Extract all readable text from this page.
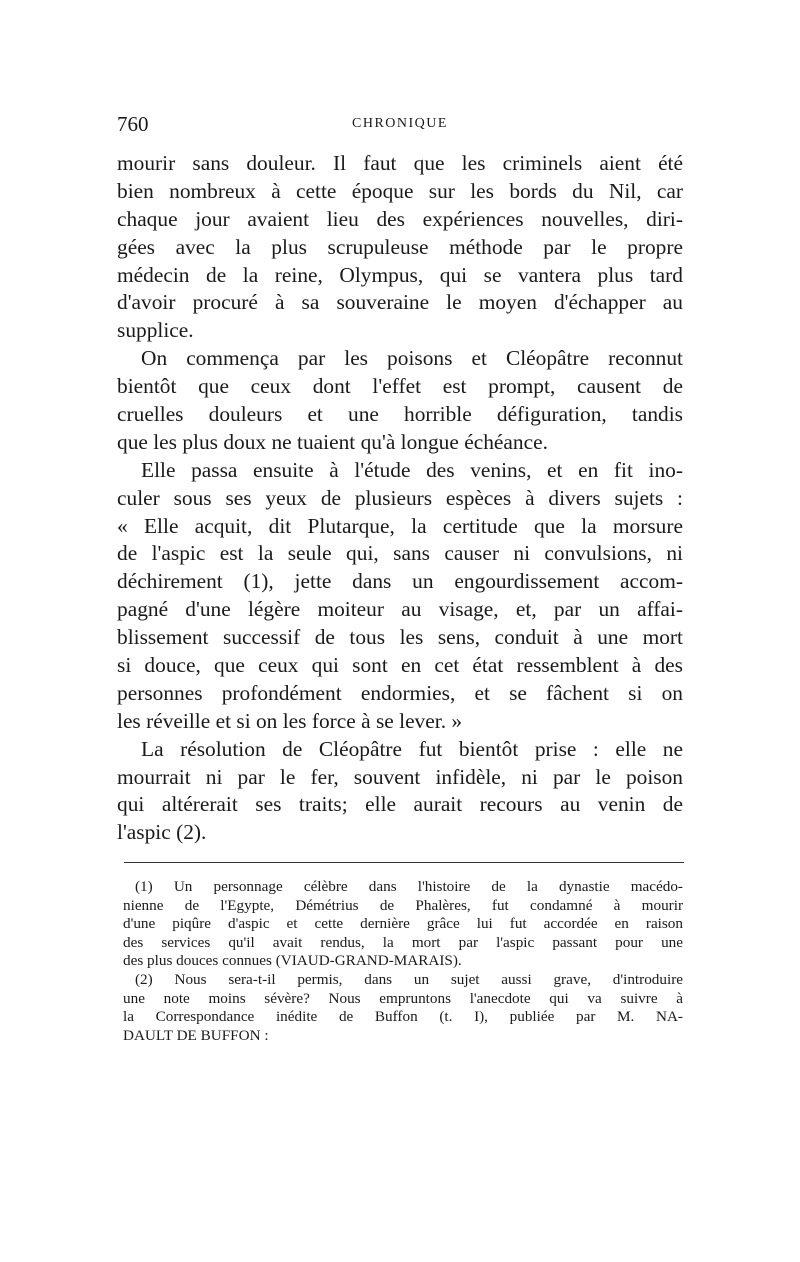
760	CHRONIQUE
mourir sans douleur. Il faut que les criminels aient été
bien nombreux à cette époque sur les bords du Nil, car
chaque jour avaient lieu des expériences nouvelles, diri-
gées avec la plus scrupuleuse méthode par le propre
médecin de la reine, Olympus, qui se vantera plus tard
d'avoir procuré à sa souveraine le moyen d'échapper au
supplice.
On commença par les poisons et Cléopâtre reconnut
bientôt que ceux dont l'effet est prompt, causent de
cruelles douleurs et une horrible défiguration, tandis
que les plus doux ne tuaient qu'à longue échéance.
Elle passa ensuite à l'étude des venins, et en fit ino-
culer sous ses yeux de plusieurs espèces à divers sujets :
« Elle acquit, dit Plutarque, la certitude que la morsure
de l'aspic est la seule qui, sans causer ni convulsions, ni
déchirement (1), jette dans un engourdissement accom-
pagné d'une légère moiteur au visage, et, par un affai-
blissement successif de tous les sens, conduit à une mort
si douce, que ceux qui sont en cet état ressemblent à des
personnes profondément endormies, et se fâchent si on
les réveille et si on les force à se lever. »
La résolution de Cléopâtre fut bientôt prise : elle ne
mourrait ni par le fer, souvent infidèle, ni par le poison
qui altérerait ses traits; elle aurait recours au venin de
l'aspic (2).
(1) Un personnage célèbre dans l'histoire de la dynastie macédo-
nienne de l'Egypte, Démétrius de Phalères, fut condamné à mourir
d'une piqûre d'aspic et cette dernière grâce lui fut accordée en raison
des services qu'il avait rendus, la mort par l'aspic passant pour une
des plus douces connues (VIAUD-GRAND-MARAIS).
(2) Nous sera-t-il permis, dans un sujet aussi grave, d'introduire
une note moins sévère? Nous empruntons l'anecdote qui va suivre à
la Correspondance inédite de Buffon (t. I), publiée par M. NA-
DAULT DE BUFFON :
